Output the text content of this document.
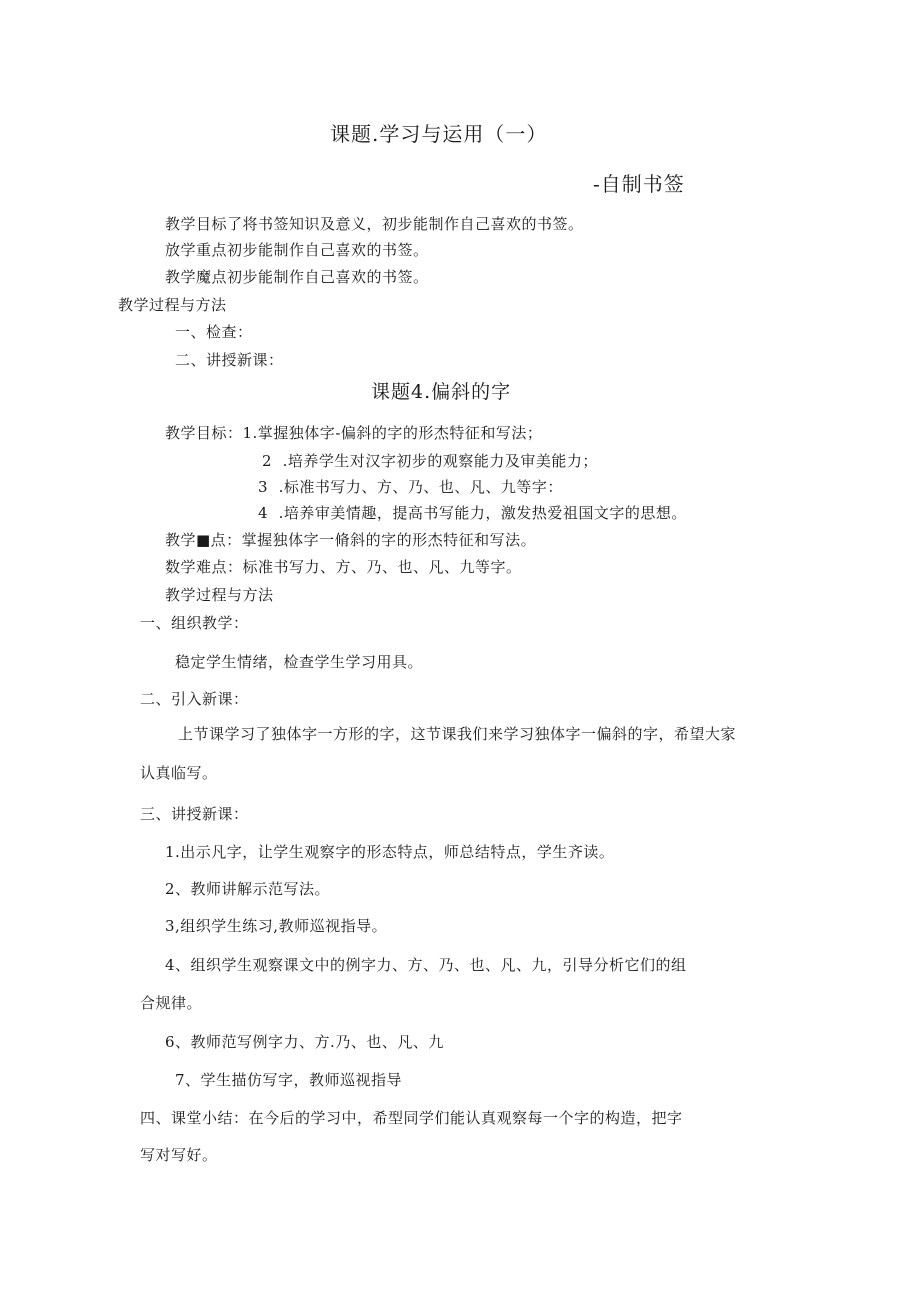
课题.学习与运用（一）
-自制书签
教学目标了将书签知识及意义，初步能制作自己喜欢的书签。
放学重点初步能制作自己喜欢的书签。
教学魔点初步能制作自己喜欢的书签。
教学过程与方法
一、检查：
二、讲授新课：
课题4.偏斜的字
教学目标：1.掌握独体字-偏斜的字的形杰特征和写法；
2  .培养学生对汉字初步的观察能力及审美能力；
3  .标准书写力、方、乃、也、凡、九等字：
4  .培养审美情趣，提高书写能力，激发热爱祖国文字的思想。
教学■点：掌握独体字一脩斜的字的形杰特征和写法。
数学难点：标准书写力、方、乃、也、凡、九等字。
教学过程与方法
一、组织教学：
稳定学生情绪，检查学生学习用具。
二、引入新课：
上节课学习了独体字一方形的字，这节课我们来学习独体字一偏斜的字，希望大家
认真临写。
三、讲授新课：
1.出示凡字，让学生观察字的形态特点，师总结特点，学生齐读。
2、教师讲解示范写法。
3,组织学生练习,教师巡视指导。
4、组织学生观察课文中的例字力、方、乃、也、凡、九，引导分析它们的组
合规律。
6、教师范写例字力、方.乃、也、凡、九
7、学生描仿写字，教师巡视指导
四、课堂小结：在今后的学习中，希型同学们能认真观察每一个字的构造，把字
写对写好。
